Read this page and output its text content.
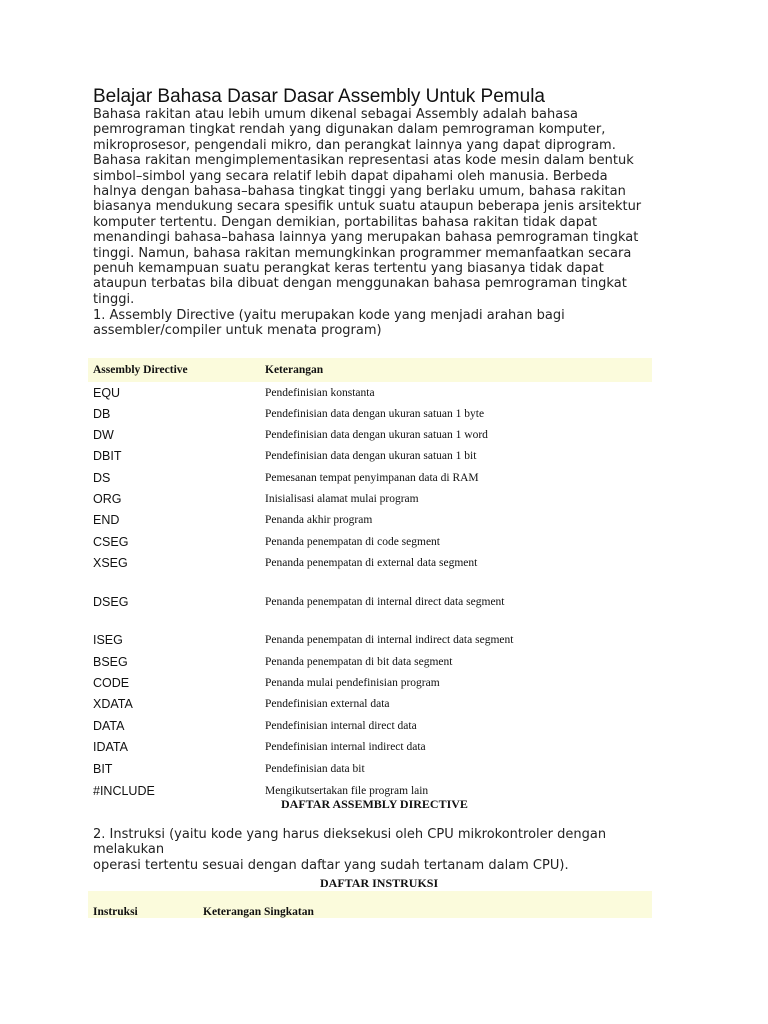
Belajar Bahasa Dasar Dasar Assembly Untuk Pemula

Bahasa rakitan atau lebih umum dikenal sebagai Assembly adalah bahasa
pemrograman tingkat rendah yang digunakan dalam pemrograman komputer,
mikroprosesor, pengendali mikro, dan perangkat lainnya yang dapat diprogram.
Bahasa rakitan mengimplementasikan representasi atas kode mesin dalam bentuk
simbol–simbol yang secara relatif lebih dapat dipahami oleh manusia. Berbeda
halnya dengan bahasa–bahasa tingkat tinggi yang berlaku umum, bahasa rakitan
biasanya mendukung secara spesifik untuk suatu ataupun beberapa jenis arsitektur
komputer tertentu. Dengan demikian, portabilitas bahasa rakitan tidak dapat
menandingi bahasa–bahasa lainnya yang merupakan bahasa pemrograman tingkat
tinggi. Namun, bahasa rakitan memungkinkan programmer memanfaatkan secara
penuh kemampuan suatu perangkat keras tertentu yang biasanya tidak dapat
ataupun terbatas bila dibuat dengan menggunakan bahasa pemrograman tingkat
tinggi.

1. Assembly Directive (yaitu merupakan kode yang menjadi arahan bagi
assembler/compiler untuk menata program)

Assembly Directive	Keterangan
EQU	Pendefinisian konstanta
DB	Pendefinisian data dengan ukuran satuan 1 byte
DW	Pendefinisian data dengan ukuran satuan 1 word
DBIT	Pendefinisian data dengan ukuran satuan 1 bit
DS	Pemesanan tempat penyimpanan data di RAM
ORG	Inisialisasi alamat mulai program
END	Penanda akhir program
CSEG	Penanda penempatan di code segment
XSEG	Penanda penempatan di external data segment
DSEG	Penanda penempatan di internal direct data segment
ISEG	Penanda penempatan di internal indirect data segment
BSEG	Penanda penempatan di bit data segment
CODE	Penanda mulai pendefinisian program
XDATA	Pendefinisian external data
DATA	Pendefinisian internal direct data
IDATA	Pendefinisian internal indirect data
BIT	Pendefinisian data bit
#INCLUDE	Mengikutsertakan file program lain
DAFTAR ASSEMBLY DIRECTIVE

2. Instruksi (yaitu kode yang harus dieksekusi oleh CPU mikrokontroler dengan
melakukan
operasi tertentu sesuai dengan daftar yang sudah tertanam dalam CPU).

DAFTAR INSTRUKSI
Instruksi	Keterangan Singkatan
